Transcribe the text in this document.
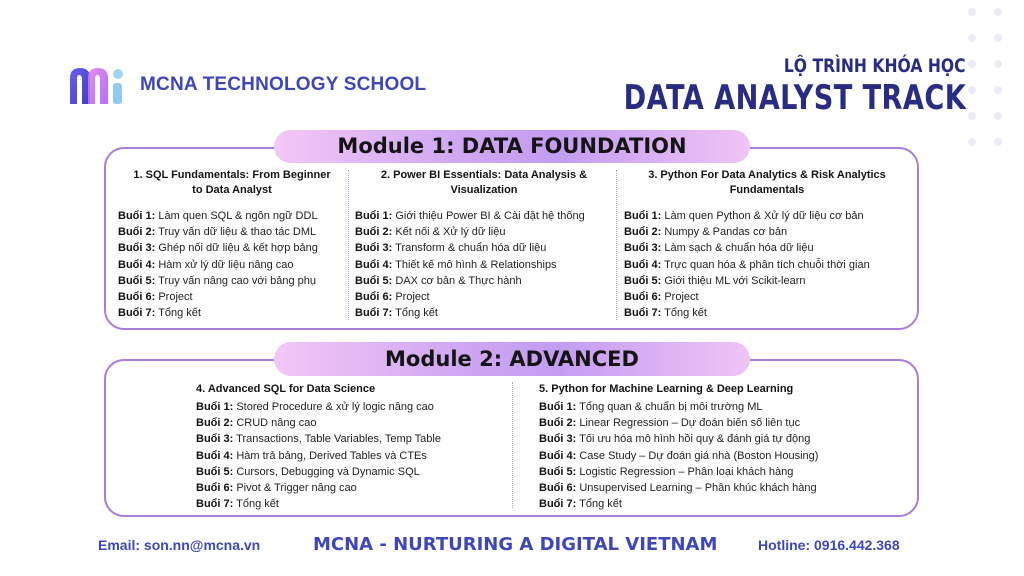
MCNA TECHNOLOGY SCHOOL
LỘ TRÌNH KHÓA HỌC
DATA ANALYST TRACK
Module 1: DATA FOUNDATION
1. SQL Fundamentals: From Beginner
to Data Analyst
Buổi 1: Làm quen SQL & ngôn ngữ DDL
Buổi 2: Truy vấn dữ liệu & thao tác DML
Buổi 3: Ghép nối dữ liệu & kết hợp bảng
Buổi 4: Hàm xử lý dữ liệu nâng cao
Buổi 5: Truy vấn nâng cao với bảng phụ
Buổi 6: Project
Buổi 7: Tổng kết
2. Power BI Essentials: Data Analysis &
Visualization
Buổi 1: Giới thiệu Power BI & Cài đặt hệ thống
Buổi 2: Kết nối & Xử lý dữ liệu
Buổi 3: Transform & chuẩn hóa dữ liệu
Buổi 4: Thiết kế mô hình & Relationships
Buổi 5: DAX cơ bản & Thực hành
Buổi 6: Project
Buổi 7: Tổng kết
3. Python For Data Analytics & Risk Analytics
Fundamentals
Buổi 1: Làm quen Python & Xử lý dữ liệu cơ bản
Buổi 2: Numpy & Pandas cơ bản
Buổi 3: Làm sạch & chuẩn hóa dữ liệu
Buổi 4: Trực quan hóa & phân tích chuỗi thời gian
Buổi 5: Giới thiệu ML với Scikit-learn
Buổi 6: Project
Buổi 7: Tổng kết
Module 2: ADVANCED
4. Advanced SQL for Data Science
Buổi 1: Stored Procedure & xử lý logic nâng cao
Buổi 2: CRUD nâng cao
Buổi 3: Transactions, Table Variables, Temp Table
Buổi 4: Hàm trả bảng, Derived Tables và CTEs
Buổi 5: Cursors, Debugging và Dynamic SQL
Buổi 6: Pivot & Trigger nâng cao
Buổi 7: Tổng kết
5. Python for Machine Learning & Deep Learning
Buổi 1: Tổng quan & chuẩn bị môi trường ML
Buổi 2: Linear Regression – Dự đoán biến số liên tục
Buổi 3: Tối ưu hóa mô hình hồi quy & đánh giá tự động
Buổi 4: Case Study – Dự đoán giá nhà (Boston Housing)
Buổi 5: Logistic Regression – Phân loại khách hàng
Buổi 6: Unsupervised Learning – Phân khúc khách hàng
Buổi 7: Tổng kết
Email: son.nn@mcna.vn	MCNA - NURTURING A DIGITAL VIETNAM	Hotline: 0916.442.368
